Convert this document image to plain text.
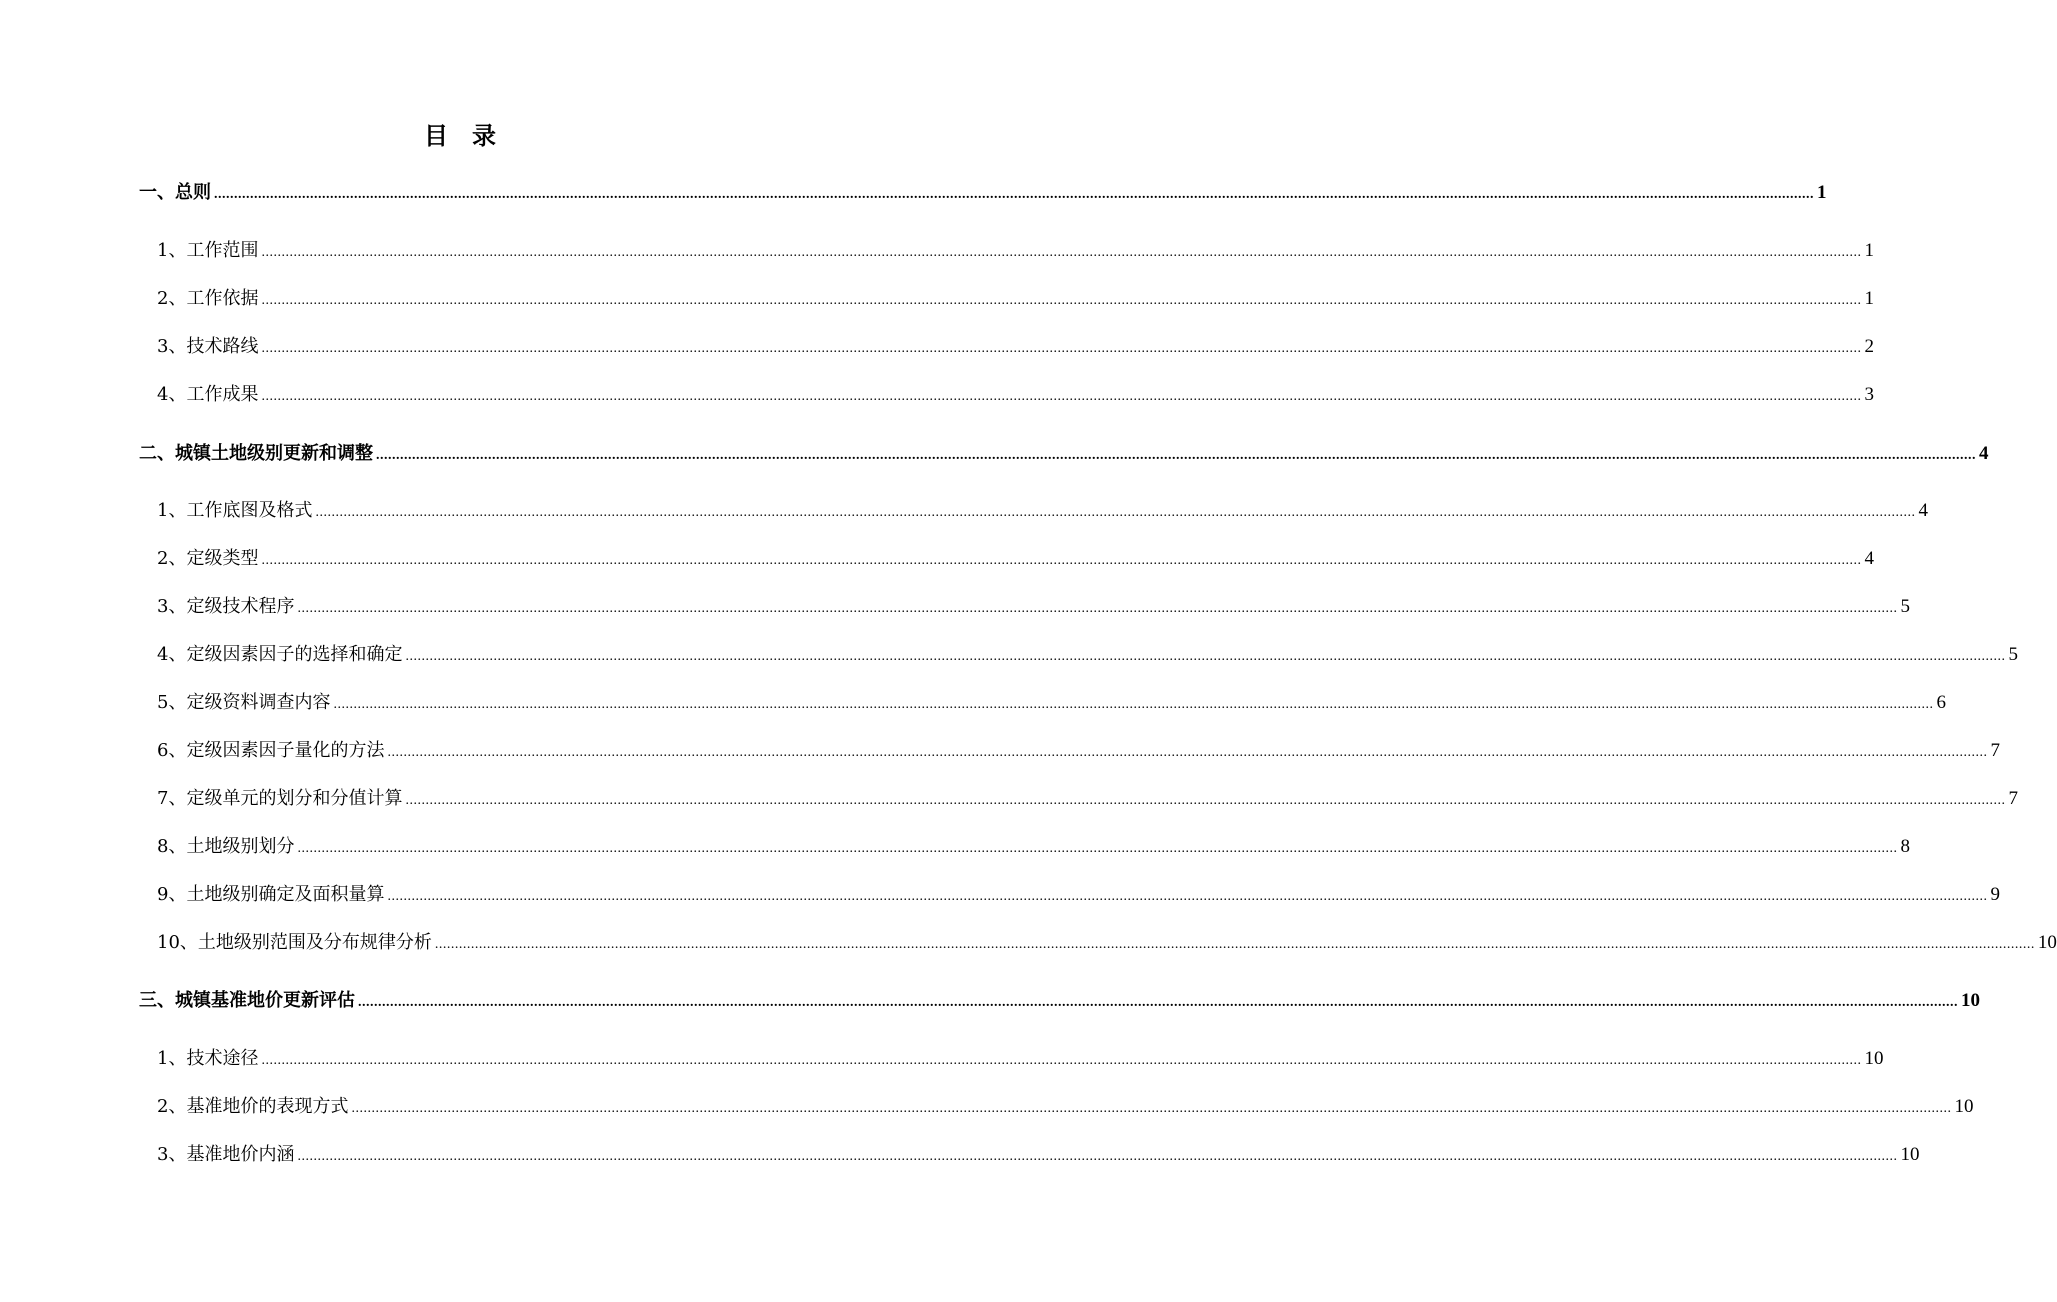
目　录
一、总则 ................................................................................................................................................................................................................................................................................................................................................................................................................ 1
1、工作范围 ................................................................................................................................................................................................................................................................................................................................................................................................................ 1
2、工作依据 ................................................................................................................................................................................................................................................................................................................................................................................................................ 1
3、技术路线 ................................................................................................................................................................................................................................................................................................................................................................................................................ 2
4、工作成果 ................................................................................................................................................................................................................................................................................................................................................................................................................ 3
二、城镇土地级别更新和调整 ................................................................................................................................................................................................................................................................................................................................................................................................................ 4
1、工作底图及格式 ................................................................................................................................................................................................................................................................................................................................................................................................................ 4
2、定级类型 ................................................................................................................................................................................................................................................................................................................................................................................................................ 4
3、定级技术程序 ................................................................................................................................................................................................................................................................................................................................................................................................................ 5
4、定级因素因子的选择和确定 ................................................................................................................................................................................................................................................................................................................................................................................................................ 5
5、定级资料调查内容 ................................................................................................................................................................................................................................................................................................................................................................................................................ 6
6、定级因素因子量化的方法 ................................................................................................................................................................................................................................................................................................................................................................................................................ 7
7、定级单元的划分和分值计算 ................................................................................................................................................................................................................................................................................................................................................................................................................ 7
8、土地级别划分 ................................................................................................................................................................................................................................................................................................................................................................................................................ 8
9、土地级别确定及面积量算 ................................................................................................................................................................................................................................................................................................................................................................................................................ 9
10、土地级别范围及分布规律分析 ................................................................................................................................................................................................................................................................................................................................................................................................................ 10
三、城镇基准地价更新评估 ................................................................................................................................................................................................................................................................................................................................................................................................................ 10
1、技术途径 ................................................................................................................................................................................................................................................................................................................................................................................................................ 10
2、基准地价的表现方式 ................................................................................................................................................................................................................................................................................................................................................................................................................ 10
3、基准地价内涵 ................................................................................................................................................................................................................................................................................................................................................................................................................ 10
